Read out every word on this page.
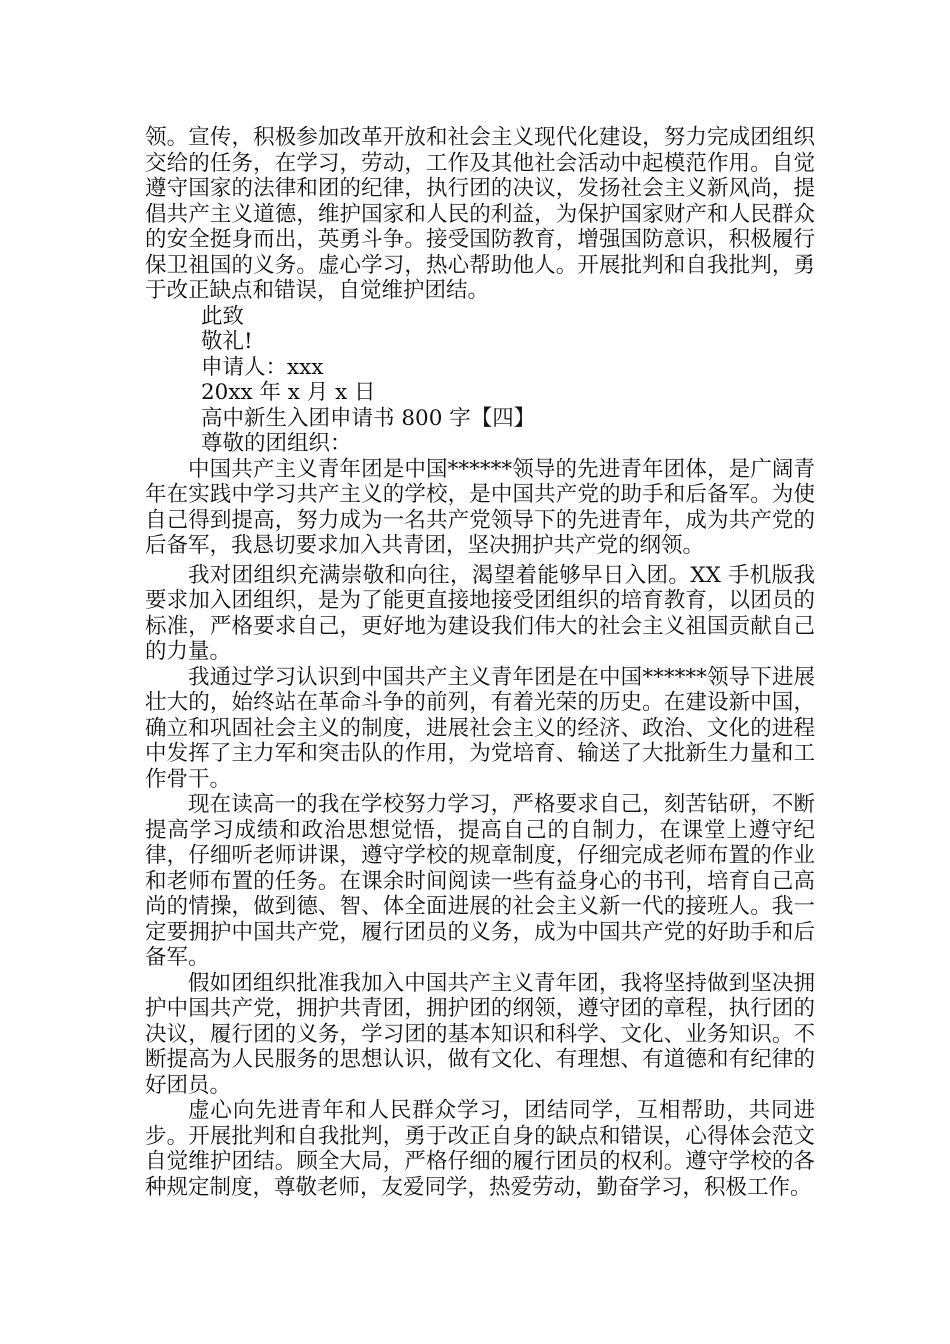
领。宣传，积极参加改革开放和社会主义现代化建设，努力完成团组织交给的任务，在学习，劳动，工作及其他社会活动中起模范作用。自觉遵守国家的法律和团的纪律，执行团的决议，发扬社会主义新风尚，提倡共产主义道德，维护国家和人民的利益，为保护国家财产和人民群众的安全挺身而出，英勇斗争。接受国防教育，增强国防意识，积极履行保卫祖国的义务。虚心学习，热心帮助他人。开展批判和自我批判，勇于改正缺点和错误，自觉维护团结。

此致

敬礼!

申请人：xxx

20xx 年 x 月 x 日

高中新生入团申请书 800 字【四】

尊敬的团组织：

中国共产主义青年团是中国******领导的先进青年团体，是广阔青年在实践中学习共产主义的学校，是中国共产党的助手和后备军。为使自己得到提高，努力成为一名共产党领导下的先进青年，成为共产党的后备军，我恳切要求加入共青团，坚决拥护共产党的纲领。

我对团组织充满崇敬和向往，渴望着能够早日入团。XX 手机版我要求加入团组织，是为了能更直接地接受团组织的培育教育，以团员的标准，严格要求自己，更好地为建设我们伟大的社会主义祖国贡献自己的力量。

我通过学习认识到中国共产主义青年团是在中国******领导下进展壮大的，始终站在革命斗争的前列，有着光荣的历史。在建设新中国，确立和巩固社会主义的制度，进展社会主义的经济、政治、文化的进程中发挥了主力军和突击队的作用，为党培育、输送了大批新生力量和工作骨干。

现在读高一的我在学校努力学习，严格要求自己，刻苦钻研，不断提高学习成绩和政治思想觉悟，提高自己的自制力，在课堂上遵守纪律，仔细听老师讲课，遵守学校的规章制度，仔细完成老师布置的作业和老师布置的任务。在课余时间阅读一些有益身心的书刊，培育自己高尚的情操，做到德、智、体全面进展的社会主义新一代的接班人。我一定要拥护中国共产党，履行团员的义务，成为中国共产党的好助手和后备军。

假如团组织批准我加入中国共产主义青年团，我将坚持做到坚决拥护中国共产党，拥护共青团，拥护团的纲领，遵守团的章程，执行团的决议，履行团的义务，学习团的基本知识和科学、文化、业务知识。不断提高为人民服务的思想认识，做有文化、有理想、有道德和有纪律的好团员。

虚心向先进青年和人民群众学习，团结同学，互相帮助，共同进步。开展批判和自我批判，勇于改正自身的缺点和错误，心得体会范文自觉维护团结。顾全大局，严格仔细的履行团员的权利。遵守学校的各种规定制度，尊敬老师，友爱同学，热爱劳动，勤奋学习，积极工作。
